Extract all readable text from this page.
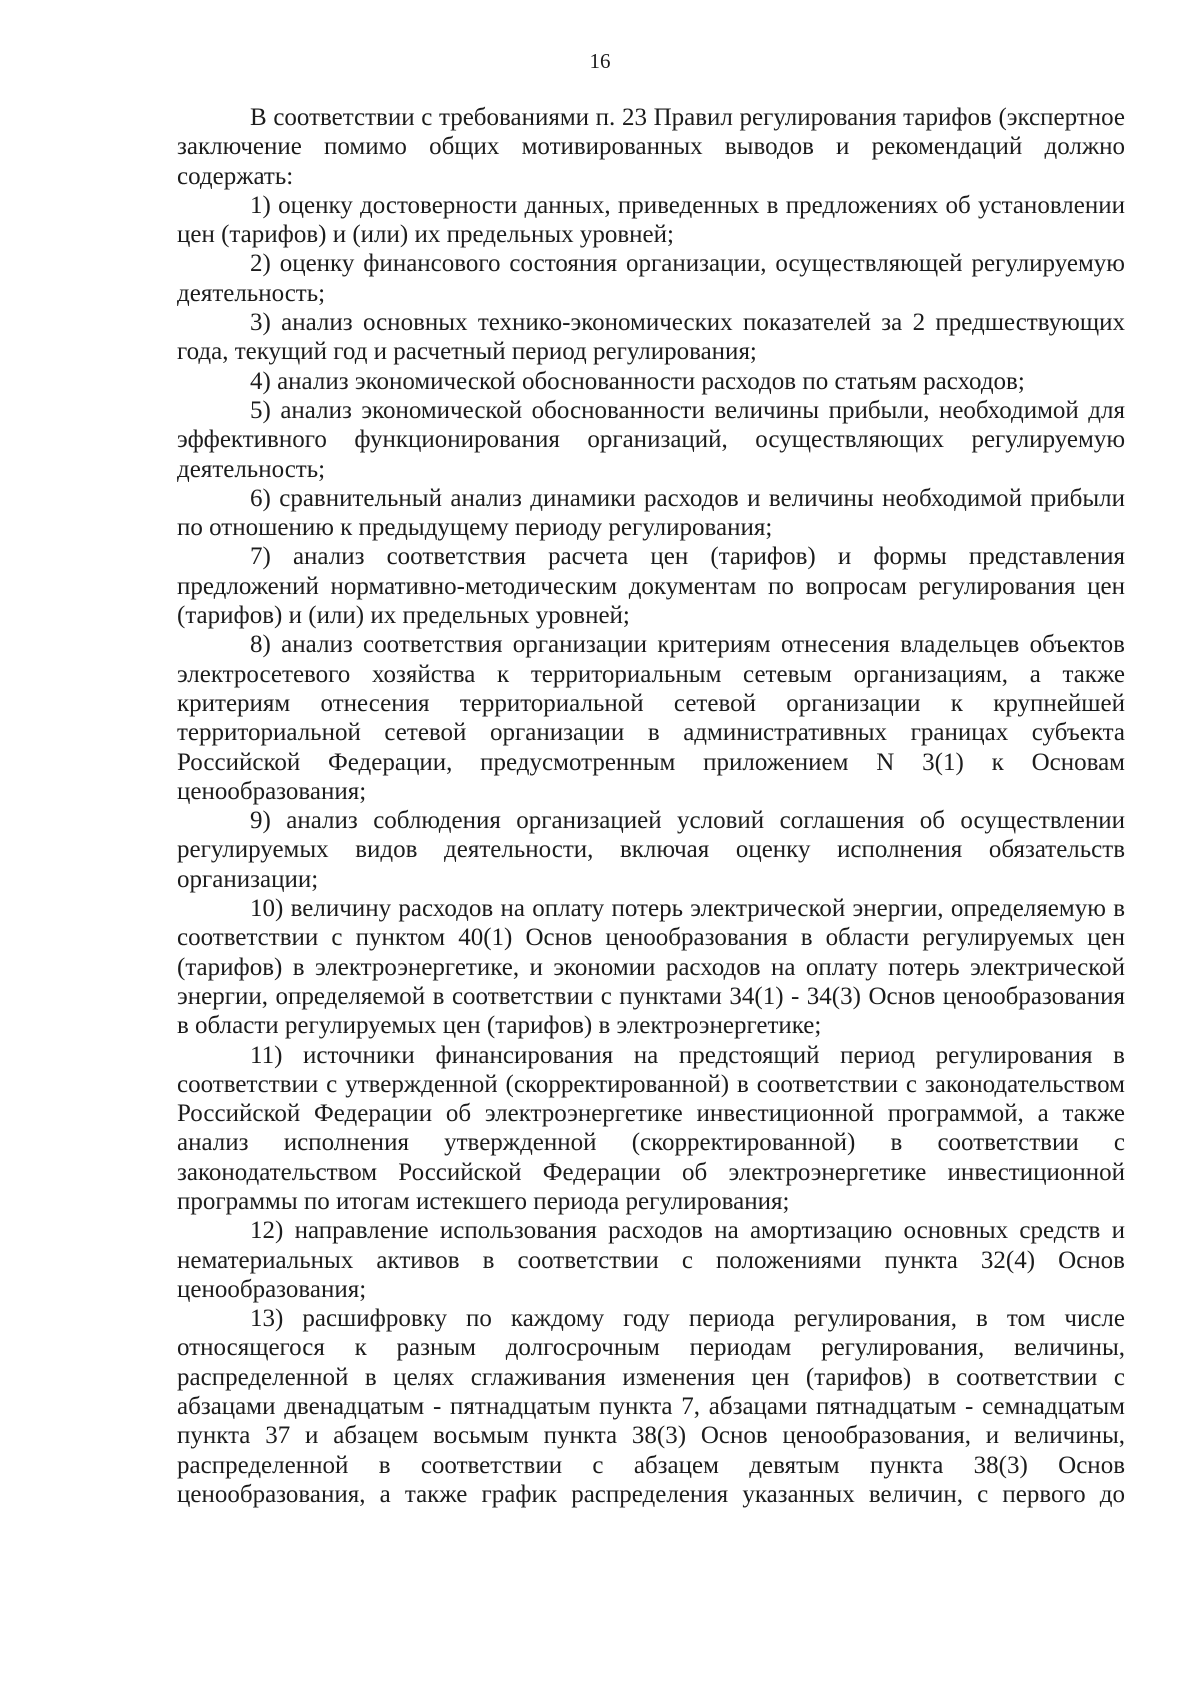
16

В соответствии с требованиями п. 23 Правил регулирования тарифов (экспертное заключение помимо общих мотивированных выводов и рекомендаций должно содержать:

1) оценку достоверности данных, приведенных в предложениях об установлении цен (тарифов) и (или) их предельных уровней;

2) оценку финансового состояния организации, осуществляющей регулируемую деятельность;

3) анализ основных технико-экономических показателей за 2 предшествующих года, текущий год и расчетный период регулирования;

4) анализ экономической обоснованности расходов по статьям расходов;

5) анализ экономической обоснованности величины прибыли, необходимой для эффективного функционирования организаций, осуществляющих регулируемую деятельность;

6) сравнительный анализ динамики расходов и величины необходимой прибыли по отношению к предыдущему периоду регулирования;

7) анализ соответствия расчета цен (тарифов) и формы представления предложений нормативно-методическим документам по вопросам регулирования цен (тарифов) и (или) их предельных уровней;

8) анализ соответствия организации критериям отнесения владельцев объектов электросетевого хозяйства к территориальным сетевым организациям, а также критериям отнесения территориальной сетевой организации к крупнейшей территориальной сетевой организации в административных границах субъекта Российской Федерации, предусмотренным приложением N 3(1) к Основам ценообразования;

9) анализ соблюдения организацией условий соглашения об осуществлении регулируемых видов деятельности, включая оценку исполнения обязательств организации;

10) величину расходов на оплату потерь электрической энергии, определяемую в соответствии с пунктом 40(1) Основ ценообразования в области регулируемых цен (тарифов) в электроэнергетике, и экономии расходов на оплату потерь электрической энергии, определяемой в соответствии с пунктами 34(1) - 34(3) Основ ценообразования в области регулируемых цен (тарифов) в электроэнергетике;

11) источники финансирования на предстоящий период регулирования в соответствии с утвержденной (скорректированной) в соответствии с законодательством Российской Федерации об электроэнергетике инвестиционной программой, а также анализ исполнения утвержденной (скорректированной) в соответствии с законодательством Российской Федерации об электроэнергетике инвестиционной программы по итогам истекшего периода регулирования;

12) направление использования расходов на амортизацию основных средств и нематериальных активов в соответствии с положениями пункта 32(4) Основ ценообразования;

13) расшифровку по каждому году периода регулирования, в том числе относящегося к разным долгосрочным периодам регулирования, величины, распределенной в целях сглаживания изменения цен (тарифов) в соответствии с абзацами двенадцатым - пятнадцатым пункта 7, абзацами пятнадцатым - семнадцатым пункта 37 и абзацем восьмым пункта 38(3) Основ ценообразования, и величины, распределенной в соответствии с абзацем девятым пункта 38(3) Основ ценообразования, а также график распределения указанных величин, с первого до
